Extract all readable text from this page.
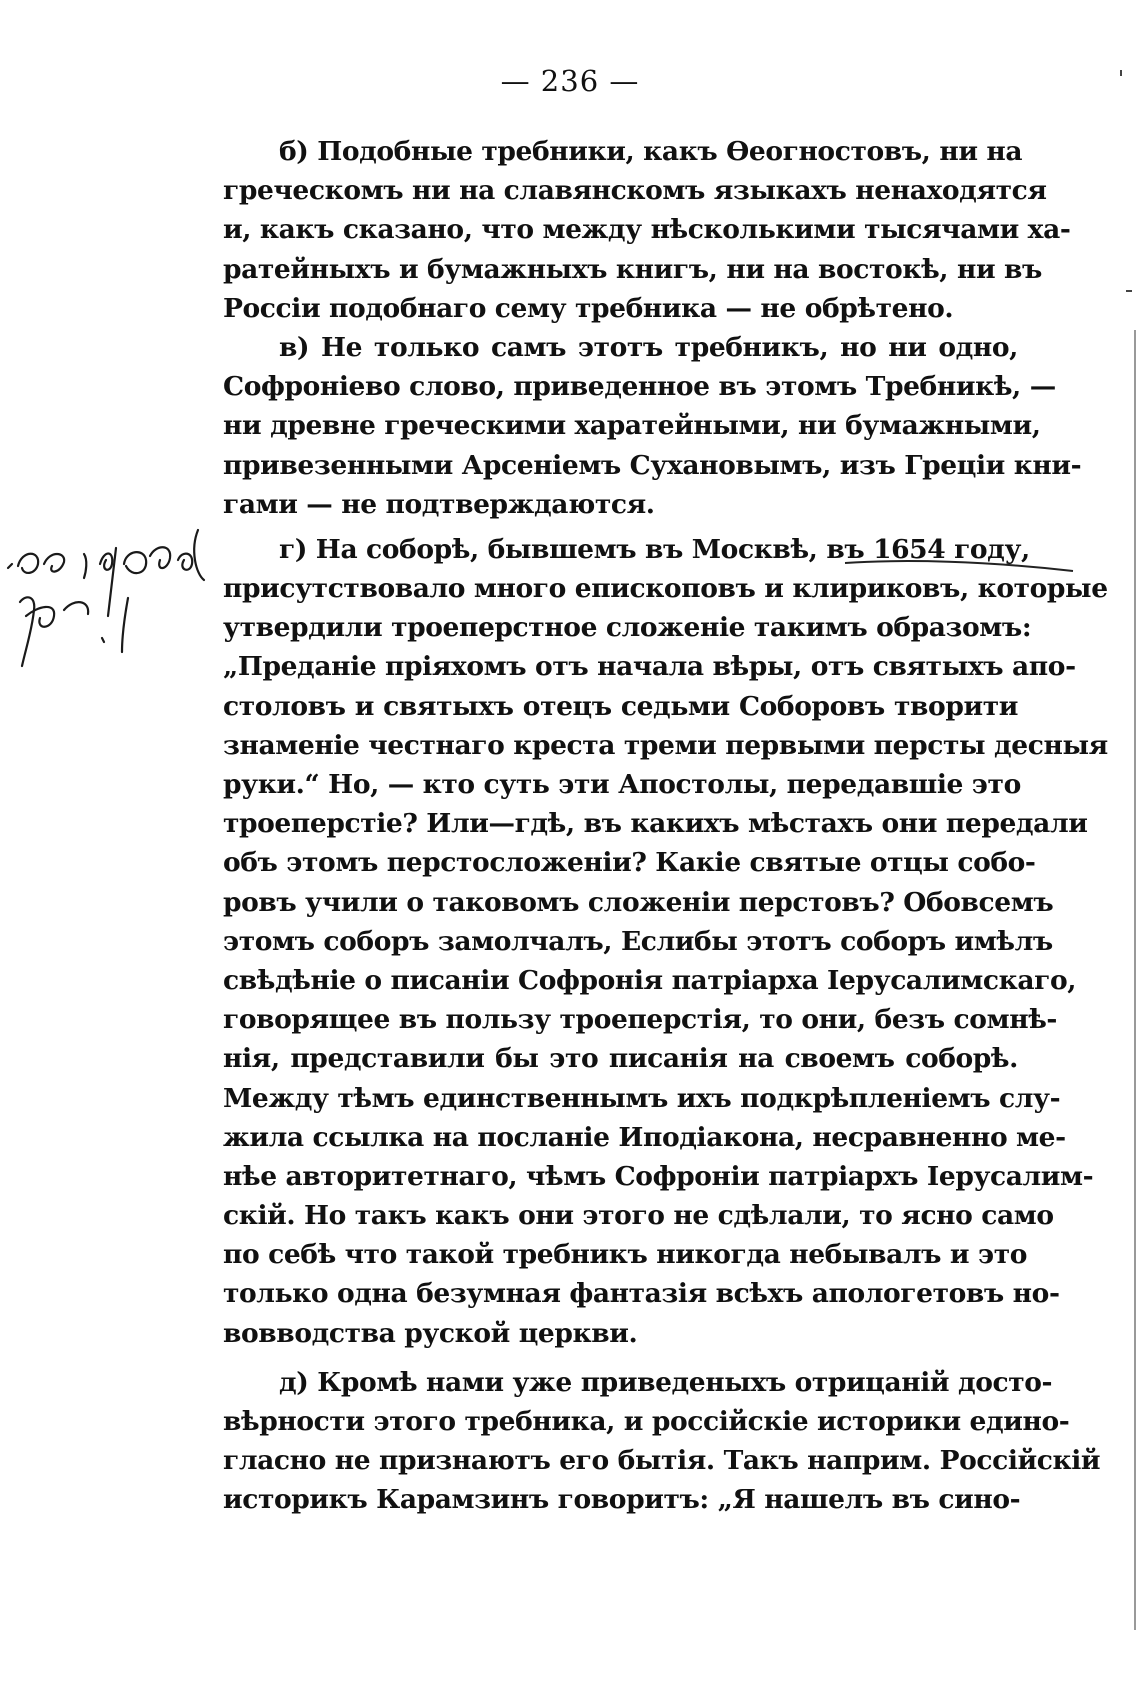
— 236 —
б) Подобные требники, какъ Өеогностовъ, ни на
греческомъ ни на славянскомъ языкахъ ненаходятся
и, какъ сказано, что между нѣсколькими тысячами ха-
ратейныхъ и бумажныхъ книгъ, ни на востокѣ, ни въ
Россіи подобнаго сему требника — не обрѣтено.
в) Не только самъ этотъ требникъ, но ни одно,
Софроніево слово, приведенное въ этомъ Требникѣ, —
ни древне греческими харатейными, ни бумажными,
привезенными Арсеніемъ Сухановымъ, изъ Греціи кни-
гами — не подтверждаются.
г) На соборѣ, бывшемъ въ Москвѣ, въ 1654 году,
присутствовало много епископовъ и клириковъ, которые
утвердили троеперстное сложеніе такимъ образомъ:
„Преданіе пріяхомъ отъ начала вѣры, отъ святыхъ апо-
столовъ и святыхъ отецъ седьми Соборовъ творити
знаменіе честнаго креста треми первыми персты десныя
руки.“ Но, — кто суть эти Апостолы, передавшіе это
троеперстіе? Или—гдѣ, въ какихъ мѣстахъ они передали
объ этомъ перстосложеніи? Какіе святые отцы собо-
ровъ учили о таковомъ сложеніи перстовъ? Обовсемъ
этомъ соборъ замолчалъ, Еслибы этотъ соборъ имѣлъ
свѣдѣніе о писаніи Софронія патріарха Іерусалимскаго,
говорящее въ пользу троеперстія, то они, безъ сомнѣ-
нія, представили бы это писанія на своемъ соборѣ.
Между тѣмъ единственнымъ ихъ подкрѣпленіемъ слу-
жила ссылка на посланіе Иподіакона, несравненно ме-
нѣе авторитетнаго, чѣмъ Софроніи патріархъ Іерусалим-
скій. Но такъ какъ они этого не сдѣлали, то ясно само
по себѣ что такой требникъ никогда небывалъ и это
только одна безумная фантазія всѣхъ апологетовъ но-
вовводства руской церкви.
д) Кромѣ нами уже приведеныхъ отрицаній досто-
вѣрности этого требника, и россійскіе историки едино-
гласно не признаютъ его бытія. Такъ наприм. Россійскій
историкъ Карамзинъ говоритъ: „Я нашелъ въ сино-
